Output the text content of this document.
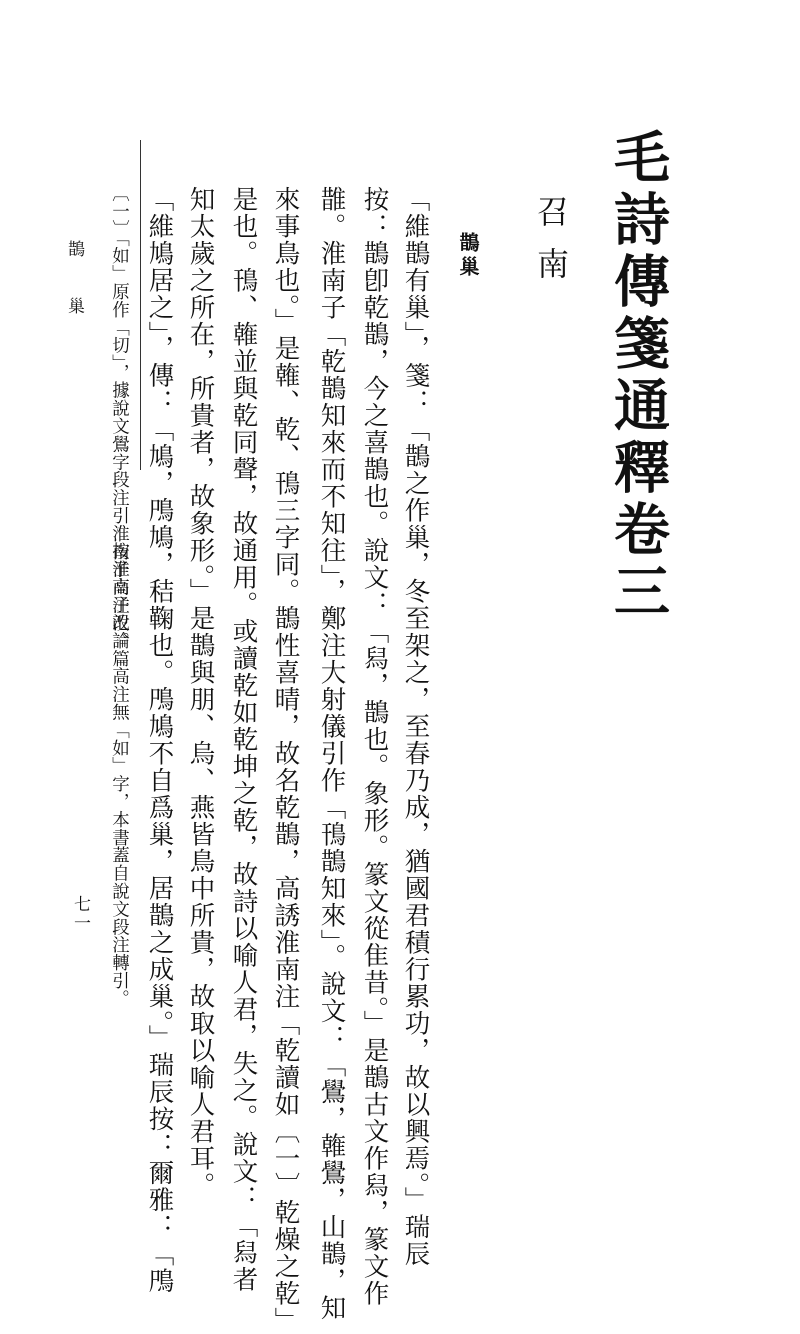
毛詩傳箋通釋卷三
召南
鵲巢
「維鵲有巢」，箋：「鵲之作巢，冬至架之，至春乃成，猶國君積行累功，故以興焉。」瑞辰
按：鵲卽乾鵲，今之喜鵲也。說文：「舄，鵲也。象形。篆文從隹昔。」是鵲古文作舄，篆文作
䧿。淮南子「乾鵲知來而不知往」，鄭注大射儀引作「鳱鵲知來」。說文：「鷽，雗鷽，山鵲，知
來事鳥也。」是雗、乾、鳱三字同。鵲性喜晴，故名乾鵲，高誘淮南注「乾讀如〔一〕乾燥之乾」
是也。鳱、雗並與乾同聲，故通用。或讀乾如乾坤之乾，故詩以喻人君，失之。說文：「舄者
知太歲之所在，所貴者，故象形。」是鵲與朋、烏、燕皆鳥中所貴，故取以喻人君耳。
「維鳩居之」，傳：「鳩，鳲鳩，秸鞠也。鳲鳩不自爲巢，居鵲之成巢。」瑞辰按：爾雅：「鳲
〔一〕「如」原作「切」，據說文鷽字段注引淮南子高注改。
按淮南子氾論篇高注無「如」字，本書蓋自說文段注轉引。
鵲巢
七一
